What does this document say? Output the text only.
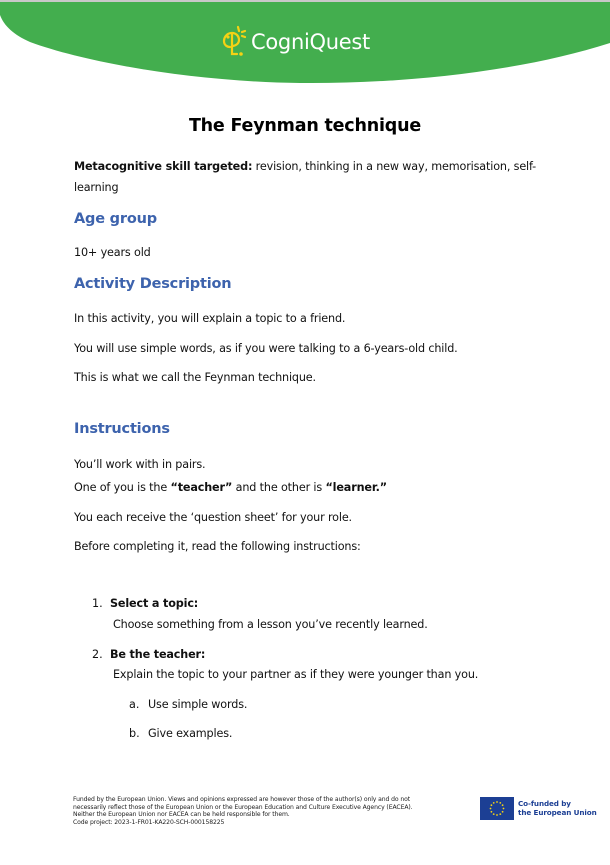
CogniQuest
The Feynman technique
Metacognitive skill targeted: revision, thinking in a new way, memorisation, self-
learning
Age group
10+ years old
Activity Description
In this activity, you will explain a topic to a friend.
You will use simple words, as if you were talking to a 6-years-old child.
This is what we call the Feynman technique.
Instructions
You’ll work with in pairs.
One of you is the “teacher” and the other is “learner.”
You each receive the ‘question sheet’ for your role.
Before completing it, read the following instructions:
1. Select a topic:
Choose something from a lesson you’ve recently learned.
2. Be the teacher:
Explain the topic to your partner as if they were younger than you.
a. Use simple words.
b. Give examples.
Funded by the European Union. Views and opinions expressed are however those of the author(s) only and do not
necessarily reflect those of the European Union or the European Education and Culture Executive Agency (EACEA).
Neither the European Union nor EACEA can be held responsible for them.
Code project: 2023-1-FR01-KA220-SCH-000158225
Co-funded by
the European Union
